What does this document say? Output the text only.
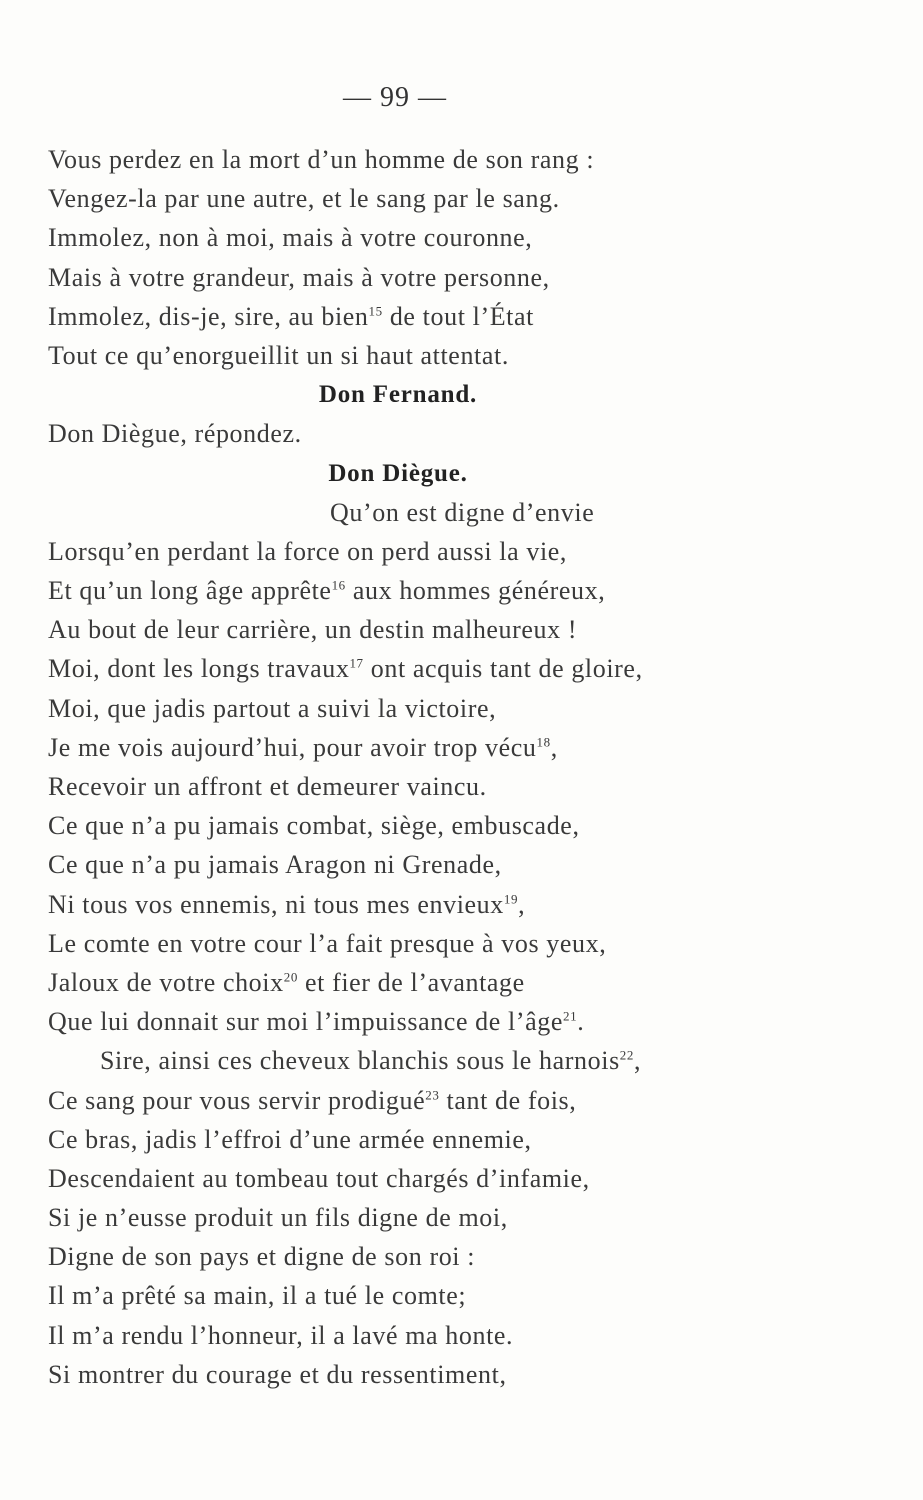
— 99 —
Vous perdez en la mort d’un homme de son rang :
Vengez-la par une autre, et le sang par le sang.
Immolez, non à moi, mais à votre couronne,
Mais à votre grandeur, mais à votre personne,
Immolez, dis-je, sire, au bien$^{15}$ de tout l’État
Tout ce qu’enorgueillit un si haut attentat.
Don Fernand.
Don Diègue, répondez.
Don Diègue.
Qu’on est digne d’envie
Lorsqu’en perdant la force on perd aussi la vie,
Et qu’un long âge apprête$^{16}$ aux hommes généreux,
Au bout de leur carrière, un destin malheureux !
Moi, dont les longs travaux$^{17}$ ont acquis tant de gloire,
Moi, que jadis partout a suivi la victoire,
Je me vois aujourd’hui, pour avoir trop vécu$^{18}$,
Recevoir un affront et demeurer vaincu.
Ce que n’a pu jamais combat, siège, embuscade,
Ce que n’a pu jamais Aragon ni Grenade,
Ni tous vos ennemis, ni tous mes envieux$^{19}$,
Le comte en votre cour l’a fait presque à vos yeux,
Jaloux de votre choix$^{20}$ et fier de l’avantage
Que lui donnait sur moi l’impuissance de l’âge$^{21}$.
Sire, ainsi ces cheveux blanchis sous le harnois$^{22}$,
Ce sang pour vous servir prodigué$^{23}$ tant de fois,
Ce bras, jadis l’effroi d’une armée ennemie,
Descendaient au tombeau tout chargés d’infamie,
Si je n’eusse produit un fils digne de moi,
Digne de son pays et digne de son roi :
Il m’a prêté sa main, il a tué le comte;
Il m’a rendu l’honneur, il a lavé ma honte.
Si montrer du courage et du ressentiment,
